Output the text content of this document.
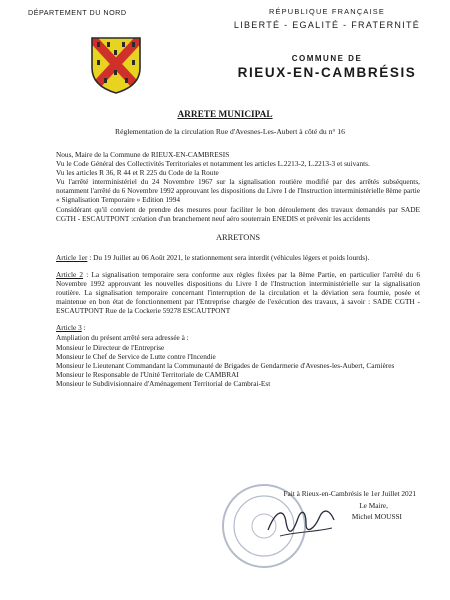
DÉPARTEMENT DU NORD	RÉPUBLIQUE FRANÇAISE
LIBERTÉ - EGALITÉ - FRATERNITÉ
COMMUNE DE
RIEUX-EN-CAMBRÉSIS
ARRETE MUNICIPAL
Réglementation de la circulation Rue d'Avesnes-Les-Aubert à côté du n° 16

Nous, Maire de la Commune de RIEUX-EN-CAMBRESIS

Vu le Code Général des Collectivités Territoriales et notamment les articles L.2213-2, L.2213-3 et suivants.

Vu les articles R 36, R 44 et R 225 du Code de la Route

Vu l'arrêté interministériel du 24 Novembre 1967 sur la signalisation routière modifié par des arrêtés subséquents, notamment l'arrêté du 6 Novembre 1992 approuvant les dispositions du Livre I de l'Instruction interministérielle 8ème partie « Signalisation Temporaire » Edition 1994

Considérant qu'il convient de prendre des mesures pour faciliter le bon déroulement des travaux demandés par SADE CGTH - ESCAUTPONT :création d'un branchement neuf aéro souterrain ENEDIS et prévenir les accidents

ARRETONS

Article 1er : Du 19 Juillet au 06 Août 2021, le stationnement sera interdit (véhicules légers et poids lourds).

Article 2 : La signalisation temporaire sera conforme aux règles fixées par la 8ème Partie, en particulier l'arrêté du 6 Novembre 1992 approuvant les nouvelles dispositions du Livre I de l'Instruction interministérielle sur la signalisation routière. La signalisation temporaire concernant l'interruption de la circulation et la déviation sera fournie, posée et maintenue en bon état de fonctionnement par l'Entreprise chargée de l'exécution des travaux, à savoir : SADE CGTH - ESCAUTPONT Rue de la Cockerie 59278 ESCAUTPONT

Article 3 :

Ampliation du présent arrêté sera adressée à :

Monsieur le Directeur de l'Entreprise

Monsieur le Chef de Service de Lutte contre l'Incendie

Monsieur le Lieutenant Commandant la Communauté de Brigades de Gendarmerie d'Avesnes-les-Aubert, Carnières

Monsieur le Responsable de l'Unité Territoriale de CAMBRAI

Monsieur le Subdivisionnaire d'Aménagement Territorial de Cambrai-Est

Fait à Rieux-en-Cambrésis le 1er Juillet 2021
Le Maire,
Michel MOUSSI
